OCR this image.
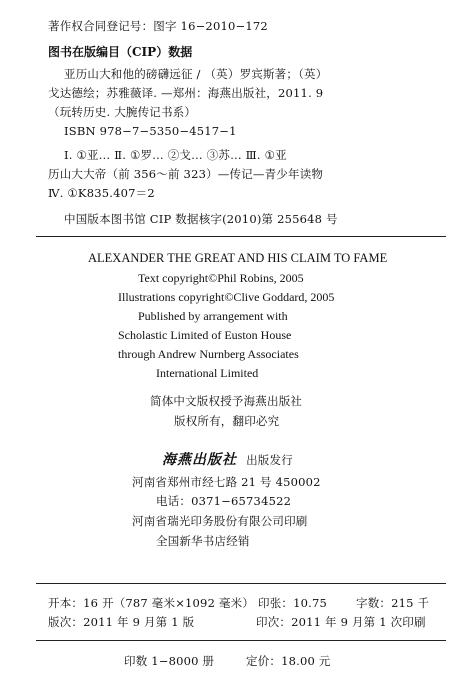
著作权合同登记号：图字 16−2010−172
图书在版编目（CIP）数据
亚历山大和他的磅礴远征 / （英）罗宾斯著；（英）
戈达德绘；苏雅薇译. —郑州：海燕出版社，2011. 9
（玩转历史. 大腕传记书系）
ISBN 978−7−5350−4517−1
Ⅰ. ①亚… Ⅱ. ①罗… ②戈… ③苏… Ⅲ. ①亚
历山大大帝（前 356～前 323）—传记—青少年读物
Ⅳ. ①K835.407＝2
中国版本图书馆 CIP 数据核字(2010)第 255648 号
ALEXANDER THE GREAT AND HIS CLAIM TO FAME
Text copyright©Phil Robins, 2005
Illustrations copyright©Clive Goddard, 2005
Published by arrangement with
Scholastic Limited of Euston House
through Andrew Nurnberg Associates
International Limited
简体中文版权授予海燕出版社
版权所有，翻印必究
海燕出版社 出版发行
河南省郑州市经七路 21 号 450002
电话：0371−65734522
河南省瑞光印务股份有限公司印刷
全国新华书店经销
开本：16 开（787 毫米×1092 毫米） 印张：10.75	字数：215 千
版次：2011 年 9 月第 1 版	印次：2011 年 9 月第 1 次印刷
印数 1−8000 册	定价：18.00 元
